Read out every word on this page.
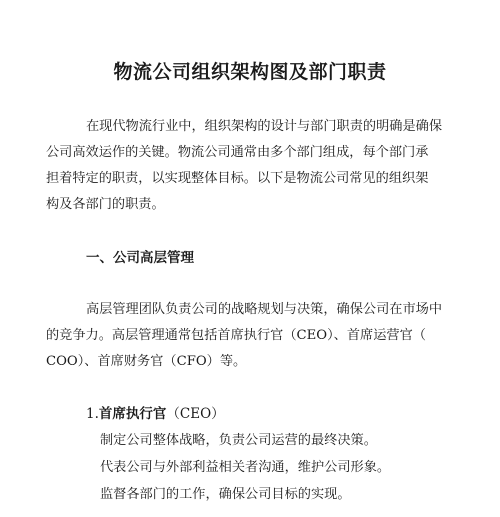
物流公司组织架构图及部门职责
在现代物流行业中，组织架构的设计与部门职责的明确是确保
公司高效运作的关键。物流公司通常由多个部门组成，每个部门承
担着特定的职责，以实现整体目标。以下是物流公司常见的组织架
构及各部门的职责。
一、公司高层管理
高层管理团队负责公司的战略规划与决策，确保公司在市场中
的竞争力。高层管理通常包括首席执行官（CEO）、首席运营官（
COO）、首席财务官（CFO）等。
1.首席执行官（CEO）
制定公司整体战略，负责公司运营的最终决策。
代表公司与外部利益相关者沟通，维护公司形象。
监督各部门的工作，确保公司目标的实现。
